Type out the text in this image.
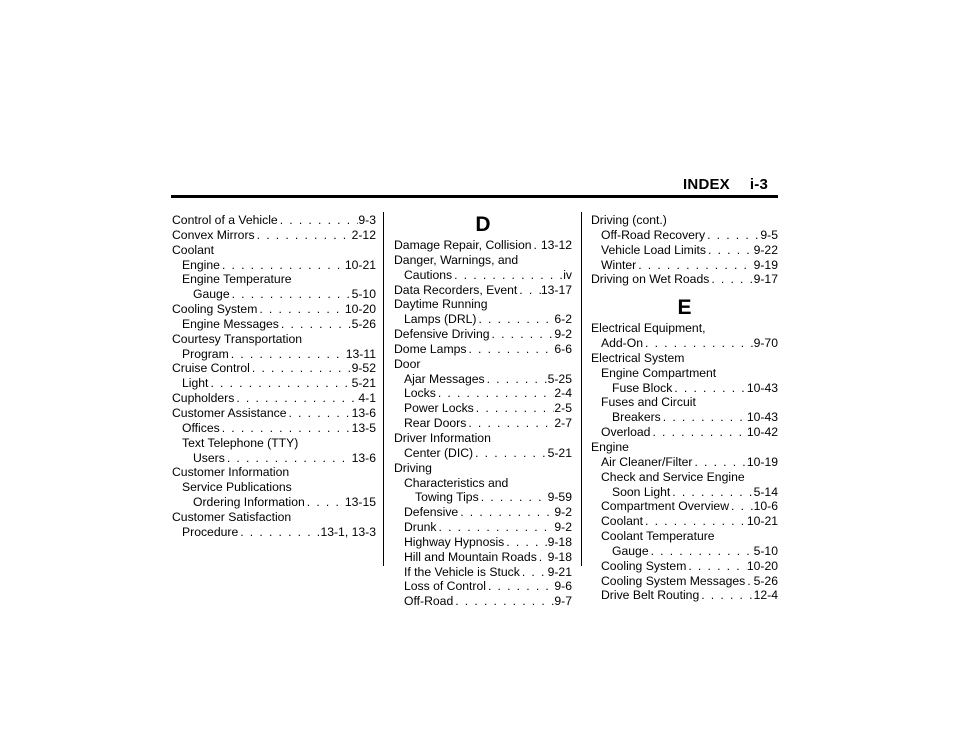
INDEX i-3
Control of a Vehicle . . .	9-3
Convex Mirrors . . .	2-12
Coolant
Engine . . .	10-21
Engine Temperature
Gauge . . .	5-10
Cooling System . . .	10-20
Engine Messages . . .	5-26
Courtesy Transportation
Program . . .	13-11
Cruise Control . . .	9-52
Light . . .	5-21
Cupholders . . .	4-1
Customer Assistance . . .	13-6
Offices . . .	13-5
Text Telephone (TTY)
Users . . .	13-6
Customer Information
Service Publications
Ordering Information . . .	13-15
Customer Satisfaction
Procedure . . .	13-1, 13-3
D
Damage Repair, Collision . . . 13-12
Danger, Warnings, and
Cautions . . .	iv
Data Recorders, Event . . . 13-17
Daytime Running
Lamps (DRL) . . .	6-2
Defensive Driving . . .	9-2
Dome Lamps . . .	6-6
Door
Ajar Messages . . .	5-25
Locks . . .	2-4
Power Locks . . .	2-5
Rear Doors . . .	2-7
Driver Information
Center (DIC) . . .	5-21
Driving
Characteristics and
Towing Tips . . .	9-59
Defensive . . .	9-2
Drunk . . .	9-2
Highway Hypnosis . . .	9-18
Hill and Mountain Roads . . . 9-18
If the Vehicle is Stuck . . . 9-21
Loss of Control . . .	9-6
Off-Road . . .	9-7
Driving (cont.)
Off-Road Recovery . . .	9-5
Vehicle Load Limits . . .	9-22
Winter . . .	9-19
Driving on Wet Roads . . .	9-17
E
Electrical Equipment,
Add-On . . .	9-70
Electrical System
Engine Compartment
Fuse Block . . .	10-43
Fuses and Circuit
Breakers . . .	10-43
Overload . . .	10-42
Engine
Air Cleaner/Filter . . .	10-19
Check and Service Engine
Soon Light . . .	5-14
Compartment Overview . . . 10-6
Coolant . . .	10-21
Coolant Temperature
Gauge . . .	5-10
Cooling System . . .	10-20
Cooling System Messages . . . 5-26
Drive Belt Routing . . .	12-4
